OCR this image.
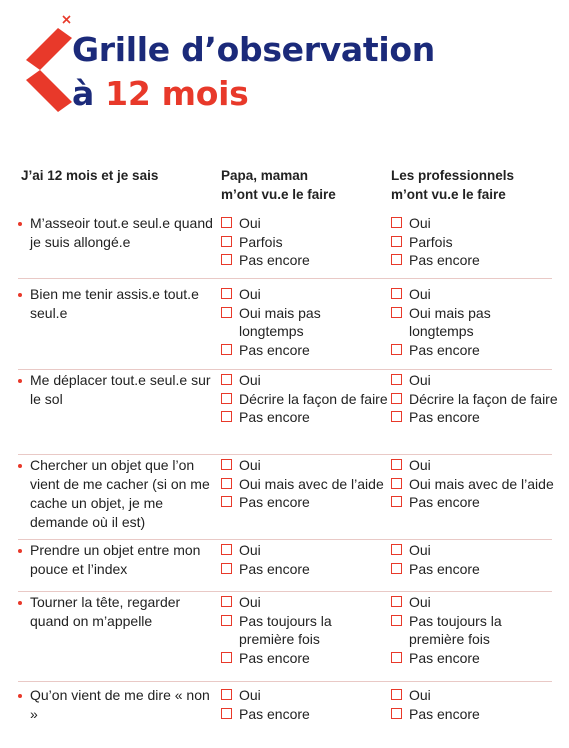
Grille d’observation
à 12 mois
J’ai 12 mois et je sais	Papa, maman
m’ont vu.e le faire
Les professionnels
m’ont vu.e le faire
M’asseoir tout.e seul.e quand je suis allongé.e
Oui
Parfois
Pas encore
Oui
Parfois
Pas encore
Bien me tenir assis.e tout.e seul.e
Oui
Oui mais pas longtemps
Pas encore
Oui
Oui mais pas longtemps
Pas encore
Me déplacer tout.e seul.e sur le sol
Oui
Décrire la façon de faire
Pas encore
Oui
Décrire la façon de faire
Pas encore
Chercher un objet que l’on vient de me cacher (si on me cache un objet, je me demande où il est)
Oui
Oui mais avec de l’aide
Pas encore
Oui
Oui mais avec de l’aide
Pas encore
Prendre un objet entre mon pouce et l’index
Oui
Pas encore
Oui
Pas encore
Tourner la tête, regarder quand on m’appelle
Oui
Pas toujours la première fois
Pas encore
Oui
Pas toujours la première fois
Pas encore
Qu’on vient de me dire « non »
Oui
Pas encore
Oui
Pas encore
